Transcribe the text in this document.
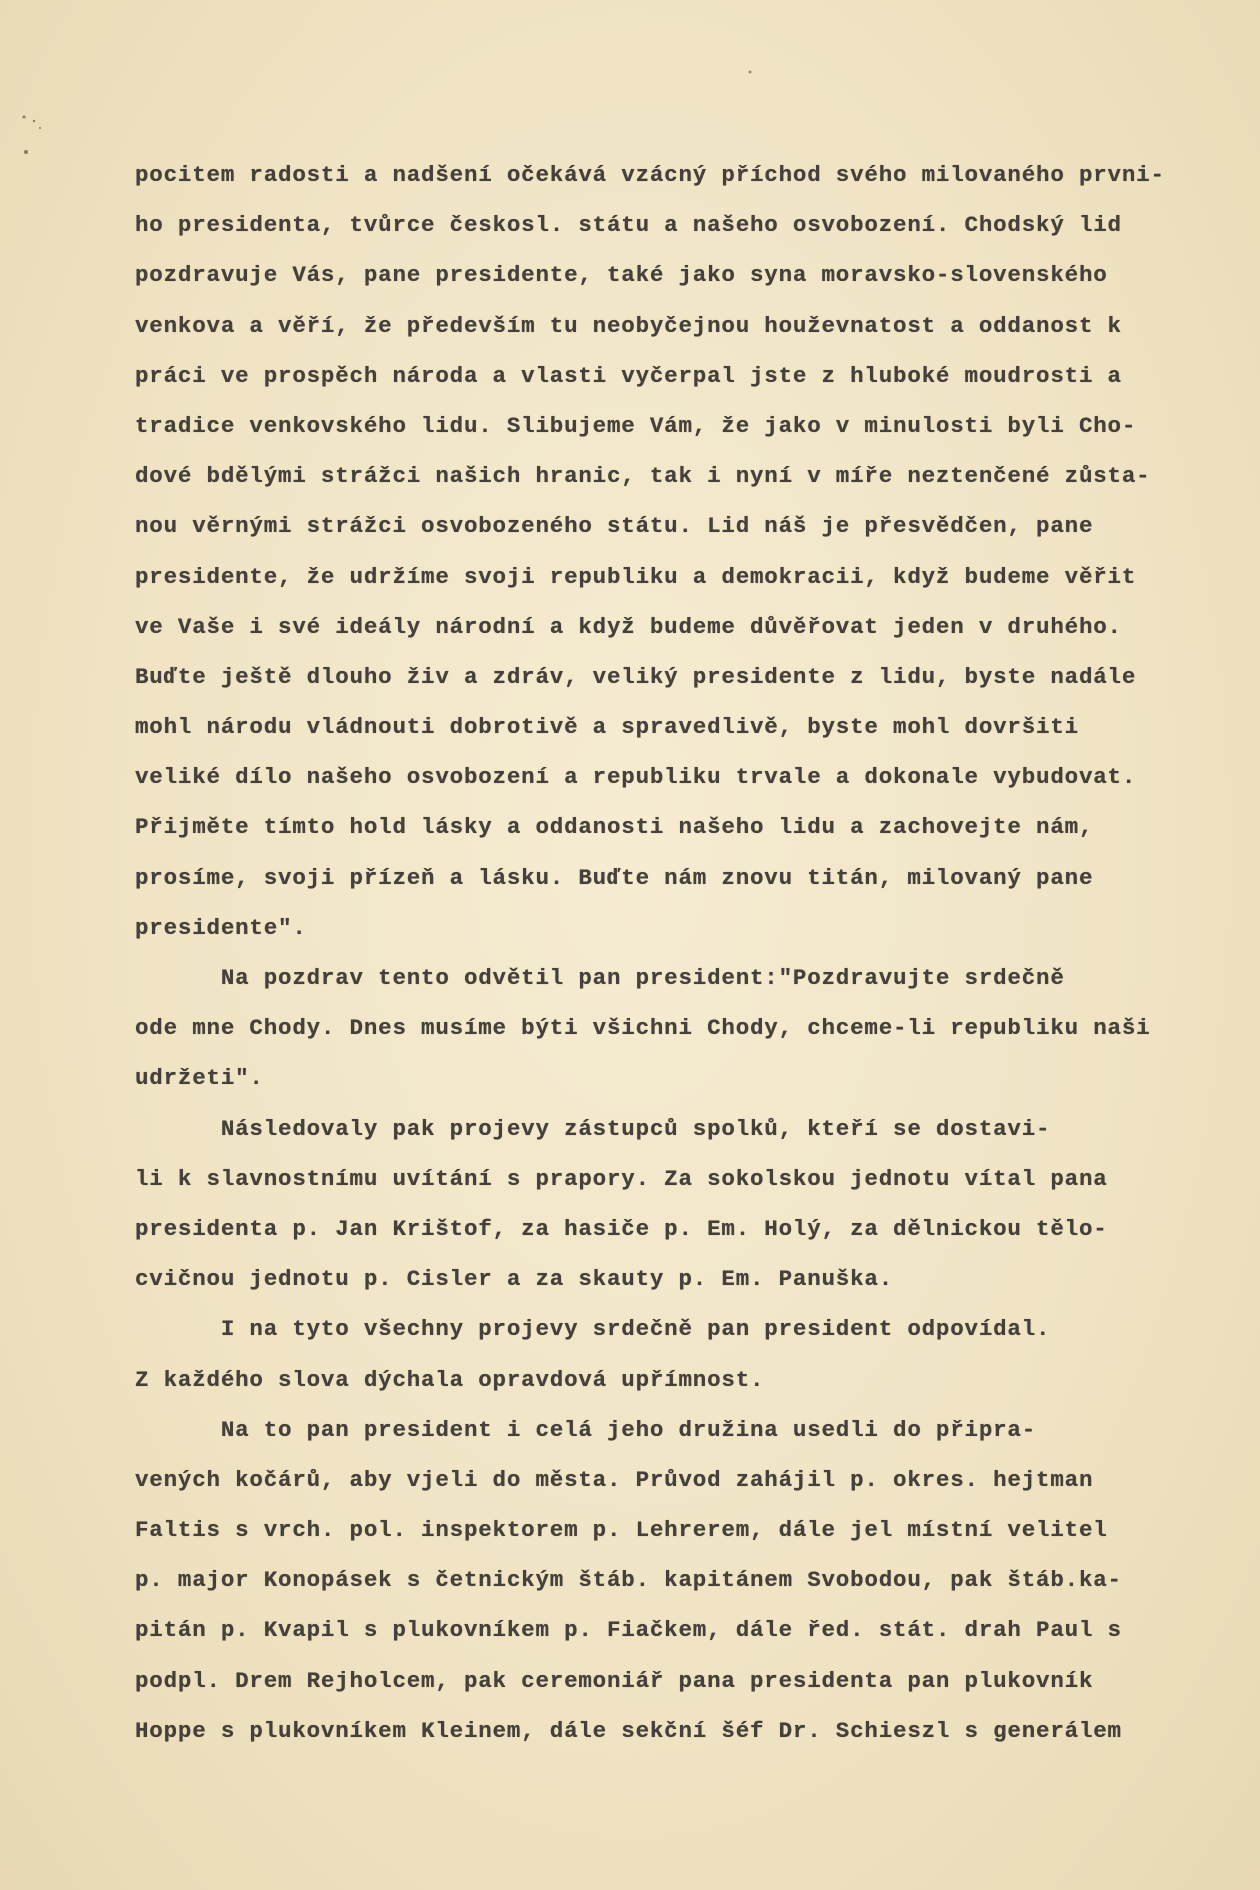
pocitem radosti a nadšení očekává vzácný příchod svého milovaného prvni-
ho presidenta, tvůrce českosl. státu a našeho osvobození. Chodský lid
pozdravuje Vás, pane presidente, také jako syna moravsko-slovenského
venkova a věří, že především tu neobyčejnou houževnatost a oddanost k
práci ve prospěch národa a vlasti vyčerpal jste z hluboké moudrosti a
tradice venkovského lidu. Slibujeme Vám, že jako v minulosti byli Cho-
dové bdělými strážci našich hranic, tak i nyní v míře neztenčené zůsta-
nou věrnými strážci osvobozeného státu. Lid náš je přesvědčen, pane
presidente, že udržíme svoji republiku a demokracii, když budeme věřit
ve Vaše i své ideály národní a když budeme důvěřovat jeden v druhého.
Buďte ještě dlouho živ a zdráv, veliký presidente z lidu, byste nadále
mohl národu vládnouti dobrotivě a spravedlivě, byste mohl dovršiti
veliké dílo našeho osvobození a republiku trvale a dokonale vybudovat.
Přijměte tímto hold lásky a oddanosti našeho lidu a zachovejte nám,
prosíme, svoji přízeň a lásku. Buďte nám znovu titán, milovaný pane
presidente".
Na pozdrav tento odvětil pan president:"Pozdravujte srdečně
ode mne Chody. Dnes musíme býti všichni Chody, chceme-li republiku naši
udržeti".
Následovaly pak projevy zástupců spolků, kteří se dostavi-
li k slavnostnímu uvítání s prapory. Za sokolskou jednotu vítal pana
presidenta p. Jan Krištof, za hasiče p. Em. Holý, za dělnickou tělo-
cvičnou jednotu p. Cisler a za skauty p. Em. Panuška.
I na tyto všechny projevy srdečně pan president odpovídal.
Z každého slova dýchala opravdová upřímnost.
Na to pan president i celá jeho družina usedli do připra-
vených kočárů, aby vjeli do města. Průvod zahájil p. okres. hejtman
Faltis s vrch. pol. inspektorem p. Lehrerem, dále jel místní velitel
p. major Konopásek s četnickým štáb. kapitánem Svobodou, pak štáb.ka-
pitán p. Kvapil s plukovníkem p. Fiačkem, dále řed. stát. drah Paul s
podpl. Drem Rejholcem, pak ceremoniář pana presidenta pan plukovník
Hoppe s plukovníkem Kleinem, dále sekční šéf Dr. Schieszl s generálem
